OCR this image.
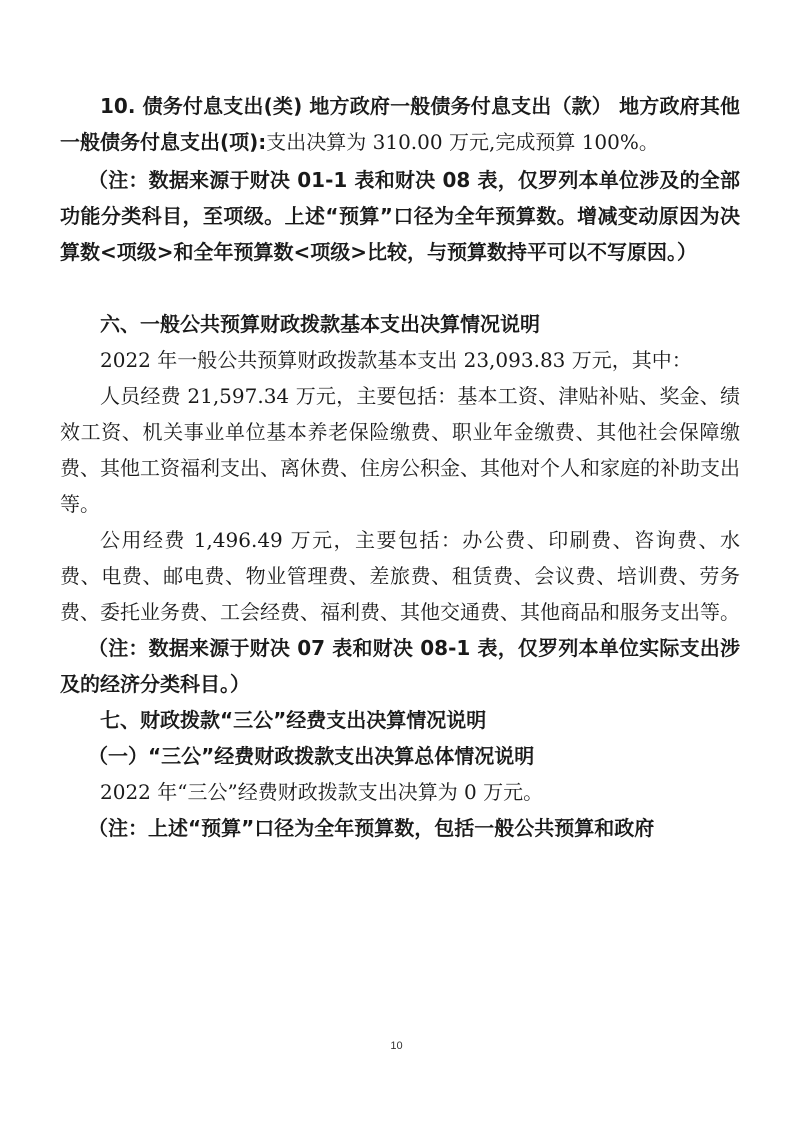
10. 债务付息支出(类) 地方政府一般债务付息支出（款） 地方政府其他一般债务付息支出(项):支出决算为 310.00 万元,完成预算 100%。

（注：数据来源于财决 01-1 表和财决 08 表，仅罗列本单位涉及的全部功能分类科目，至项级。上述“预算”口径为全年预算数。增减变动原因为决算数<项级>和全年预算数<项级>比较，与预算数持平可以不写原因。）

六、一般公共预算财政拨款基本支出决算情况说明

2022 年一般公共预算财政拨款基本支出 23,093.83 万元，其中：

人员经费 21,597.34 万元，主要包括：基本工资、津贴补贴、奖金、绩效工资、机关事业单位基本养老保险缴费、职业年金缴费、其他社会保障缴费、其他工资福利支出、离休费、住房公积金、其他对个人和家庭的补助支出等。

公用经费 1,496.49 万元，主要包括：办公费、印刷费、咨询费、水费、电费、邮电费、物业管理费、差旅费、租赁费、会议费、培训费、劳务费、委托业务费、工会经费、福利费、其他交通费、其他商品和服务支出等。

（注：数据来源于财决 07 表和财决 08-1 表，仅罗列本单位实际支出涉及的经济分类科目。）

七、财政拨款“三公”经费支出决算情况说明

（一）“三公”经费财政拨款支出决算总体情况说明

2022 年“三公”经费财政拨款支出决算为 0 万元。

（注：上述“预算”口径为全年预算数，包括一般公共预算和政府

10
